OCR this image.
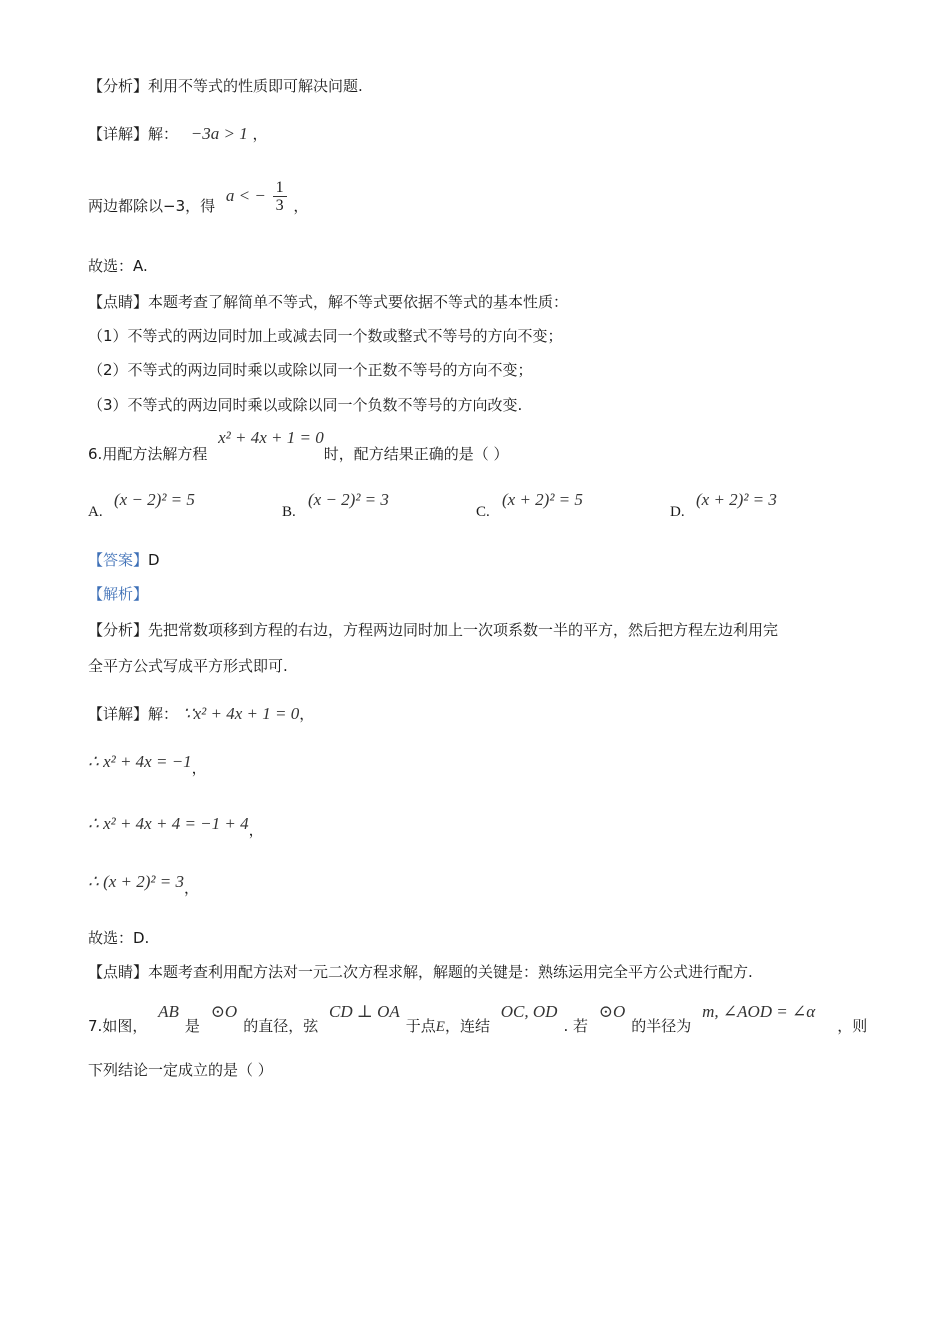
【分析】利用不等式的性质即可解决问题.
【详解】解： −3a > 1 ，
两边都除以−3，得 a < − $\frac{1}{3}$ ，
故选：A.
【点睛】本题考查了解简单不等式，解不等式要依据不等式的基本性质：
（1）不等式的两边同时加上或减去同一个数或整式不等号的方向不变；
（2）不等式的两边同时乘以或除以同一个正数不等号的方向不变；
（3）不等式的两边同时乘以或除以同一个负数不等号的方向改变.
6.用配方法解方程 x² + 4x + 1 = 0时，配方结果正确的是（ ）
A.
(x − 2)² = 5
B.
(x − 2)² = 3
C.
(x + 2)² = 5
D.
(x + 2)² = 3
【答案】D
【解析】
【分析】先把常数项移到方程的右边，方程两边同时加上一次项系数一半的平方，然后把方程左边利用完
全平方公式写成平方形式即可.
【详解】解： ∵x² + 4x + 1 = 0，
∴ x² + 4x = −1，
∴ x² + 4x + 4 = −1 + 4，
∴ (x + 2)² = 3，
故选：D.
【点睛】本题考查利用配方法对一元二次方程求解，解题的关键是：熟练运用完全平方公式进行配方.
7.如图， AB是 ⊙O的直径，弦 CD ⊥ OA于点E，连结 OC, OD. 若 ⊙O的半径为 m, ∠AOD = ∠α，则
下列结论一定成立的是（ ）
